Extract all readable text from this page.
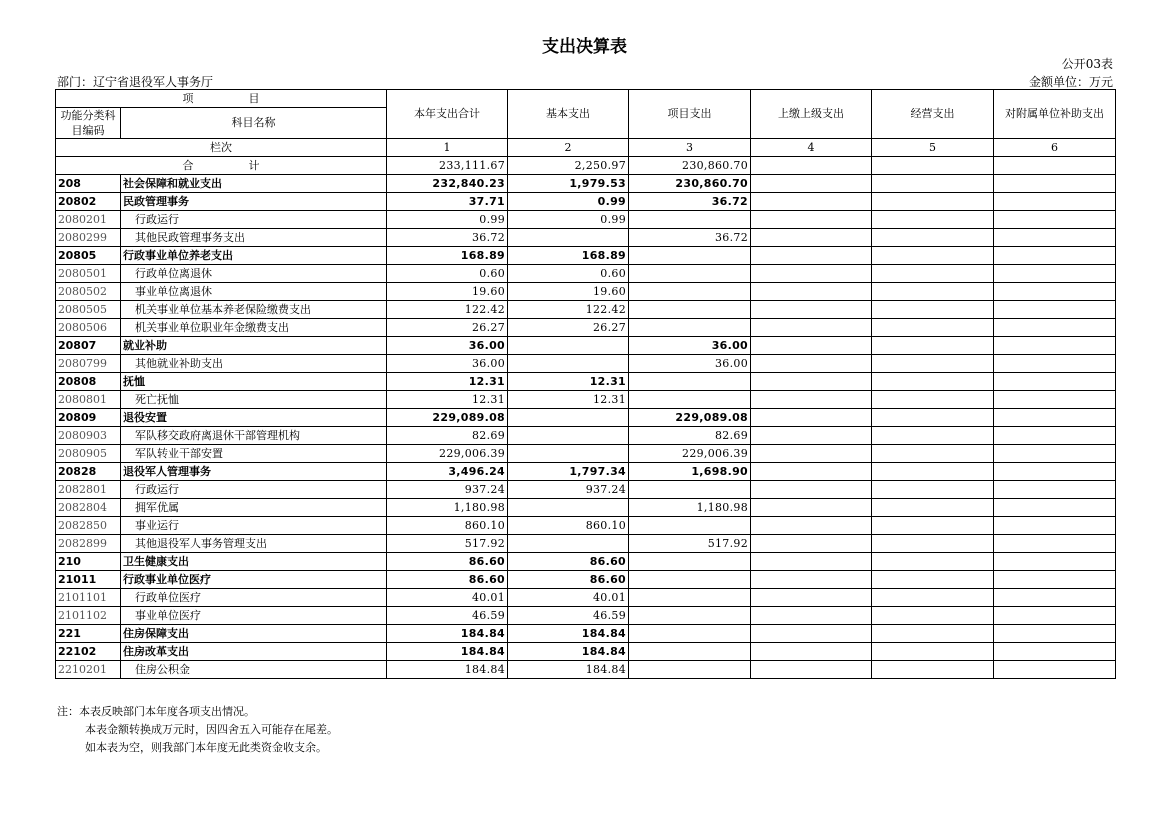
支出决算表
公开03表
部门：辽宁省退役军人事务厅	金额单位：万元
项　　　　　目		本年支出合计	基本支出	项目支出	上缴上级支出	经营支出	对附属单位补助支出
功能分类科目编码	科目名称						
栏次		1	2	3	4	5	6
合　　　　　计		233,111.67	2,250.97	230,860.70			
208	社会保障和就业支出	232,840.23	1,979.53	230,860.70			
20802	民政管理事务	37.71	0.99	36.72			
2080201	行政运行	0.99	0.99				
2080299	其他民政管理事务支出	36.72		36.72			
20805	行政事业单位养老支出	168.89	168.89				
2080501	行政单位离退休	0.60	0.60				
2080502	事业单位离退休	19.60	19.60				
2080505	机关事业单位基本养老保险缴费支出	122.42	122.42				
2080506	机关事业单位职业年金缴费支出	26.27	26.27				
20807	就业补助	36.00		36.00			
2080799	其他就业补助支出	36.00		36.00			
20808	抚恤	12.31	12.31				
2080801	死亡抚恤	12.31	12.31				
20809	退役安置	229,089.08		229,089.08			
2080903	军队移交政府离退休干部管理机构	82.69		82.69			
2080905	军队转业干部安置	229,006.39		229,006.39			
20828	退役军人管理事务	3,496.24	1,797.34	1,698.90			
2082801	行政运行	937.24	937.24				
2082804	拥军优属	1,180.98		1,180.98			
2082850	事业运行	860.10	860.10				
2082899	其他退役军人事务管理支出	517.92		517.92			
210	卫生健康支出	86.60	86.60				
21011	行政事业单位医疗	86.60	86.60				
2101101	行政单位医疗	40.01	40.01				
2101102	事业单位医疗	46.59	46.59				
221	住房保障支出	184.84	184.84				
22102	住房改革支出	184.84	184.84				
2210201	住房公积金	184.84	184.84				
注：本表反映部门本年度各项支出情况。
本表金额转换成万元时，因四舍五入可能存在尾差。
如本表为空，则我部门本年度无此类资金收支余。
